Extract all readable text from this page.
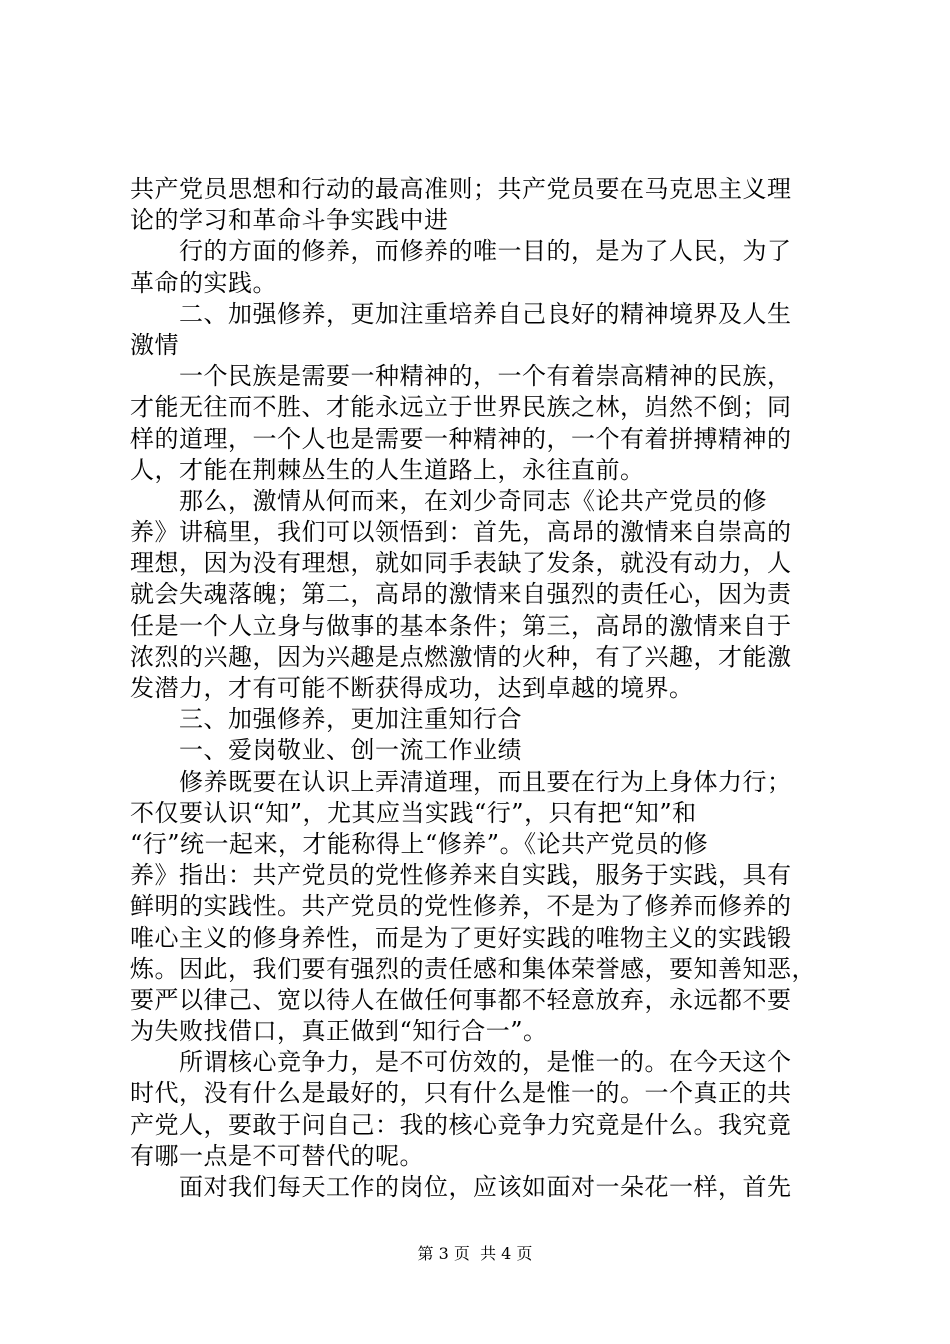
共产党员思想和行动的最高准则；共产党员要在马克思主义理
论的学习和革命斗争实践中进
　　行的方面的修养，而修养的唯一目的，是为了人民，为了
革命的实践。
　　二、加强修养，更加注重培养自己良好的精神境界及人生
激情
　　一个民族是需要一种精神的，一个有着崇高精神的民族，
才能无往而不胜、才能永远立于世界民族之林，岿然不倒；同
样的道理，一个人也是需要一种精神的，一个有着拼搏精神的
人，才能在荆棘丛生的人生道路上，永往直前。
　　那么，激情从何而来，在刘少奇同志《论共产党员的修
养》讲稿里，我们可以领悟到：首先，高昂的激情来自崇高的
理想，因为没有理想，就如同手表缺了发条，就没有动力，人
就会失魂落魄；第二，高昂的激情来自强烈的责任心，因为责
任是一个人立身与做事的基本条件；第三，高昂的激情来自于
浓烈的兴趣，因为兴趣是点燃激情的火种，有了兴趣，才能激
发潜力，才有可能不断获得成功，达到卓越的境界。
　　三、加强修养，更加注重知行合
　　一、爱岗敬业、创一流工作业绩
　　修养既要在认识上弄清道理，而且要在行为上身体力行；
不仅要认识“知”，尤其应当实践“行”，只有把“知”和
“行”统一起来，才能称得上“修养”。《论共产党员的修
养》指出：共产党员的党性修养来自实践，服务于实践，具有
鲜明的实践性。共产党员的党性修养，不是为了修养而修养的
唯心主义的修身养性，而是为了更好实践的唯物主义的实践锻
炼。因此，我们要有强烈的责任感和集体荣誉感，要知善知恶，
要严以律己、宽以待人在做任何事都不轻意放弃，永远都不要
为失败找借口，真正做到“知行合一”。
　　所谓核心竞争力，是不可仿效的，是惟一的。在今天这个
时代，没有什么是最好的，只有什么是惟一的。一个真正的共
产党人，要敢于问自己：我的核心竞争力究竟是什么。我究竟
有哪一点是不可替代的呢。
　　面对我们每天工作的岗位，应该如面对一朵花一样，首先
第 3 页  共 4 页
